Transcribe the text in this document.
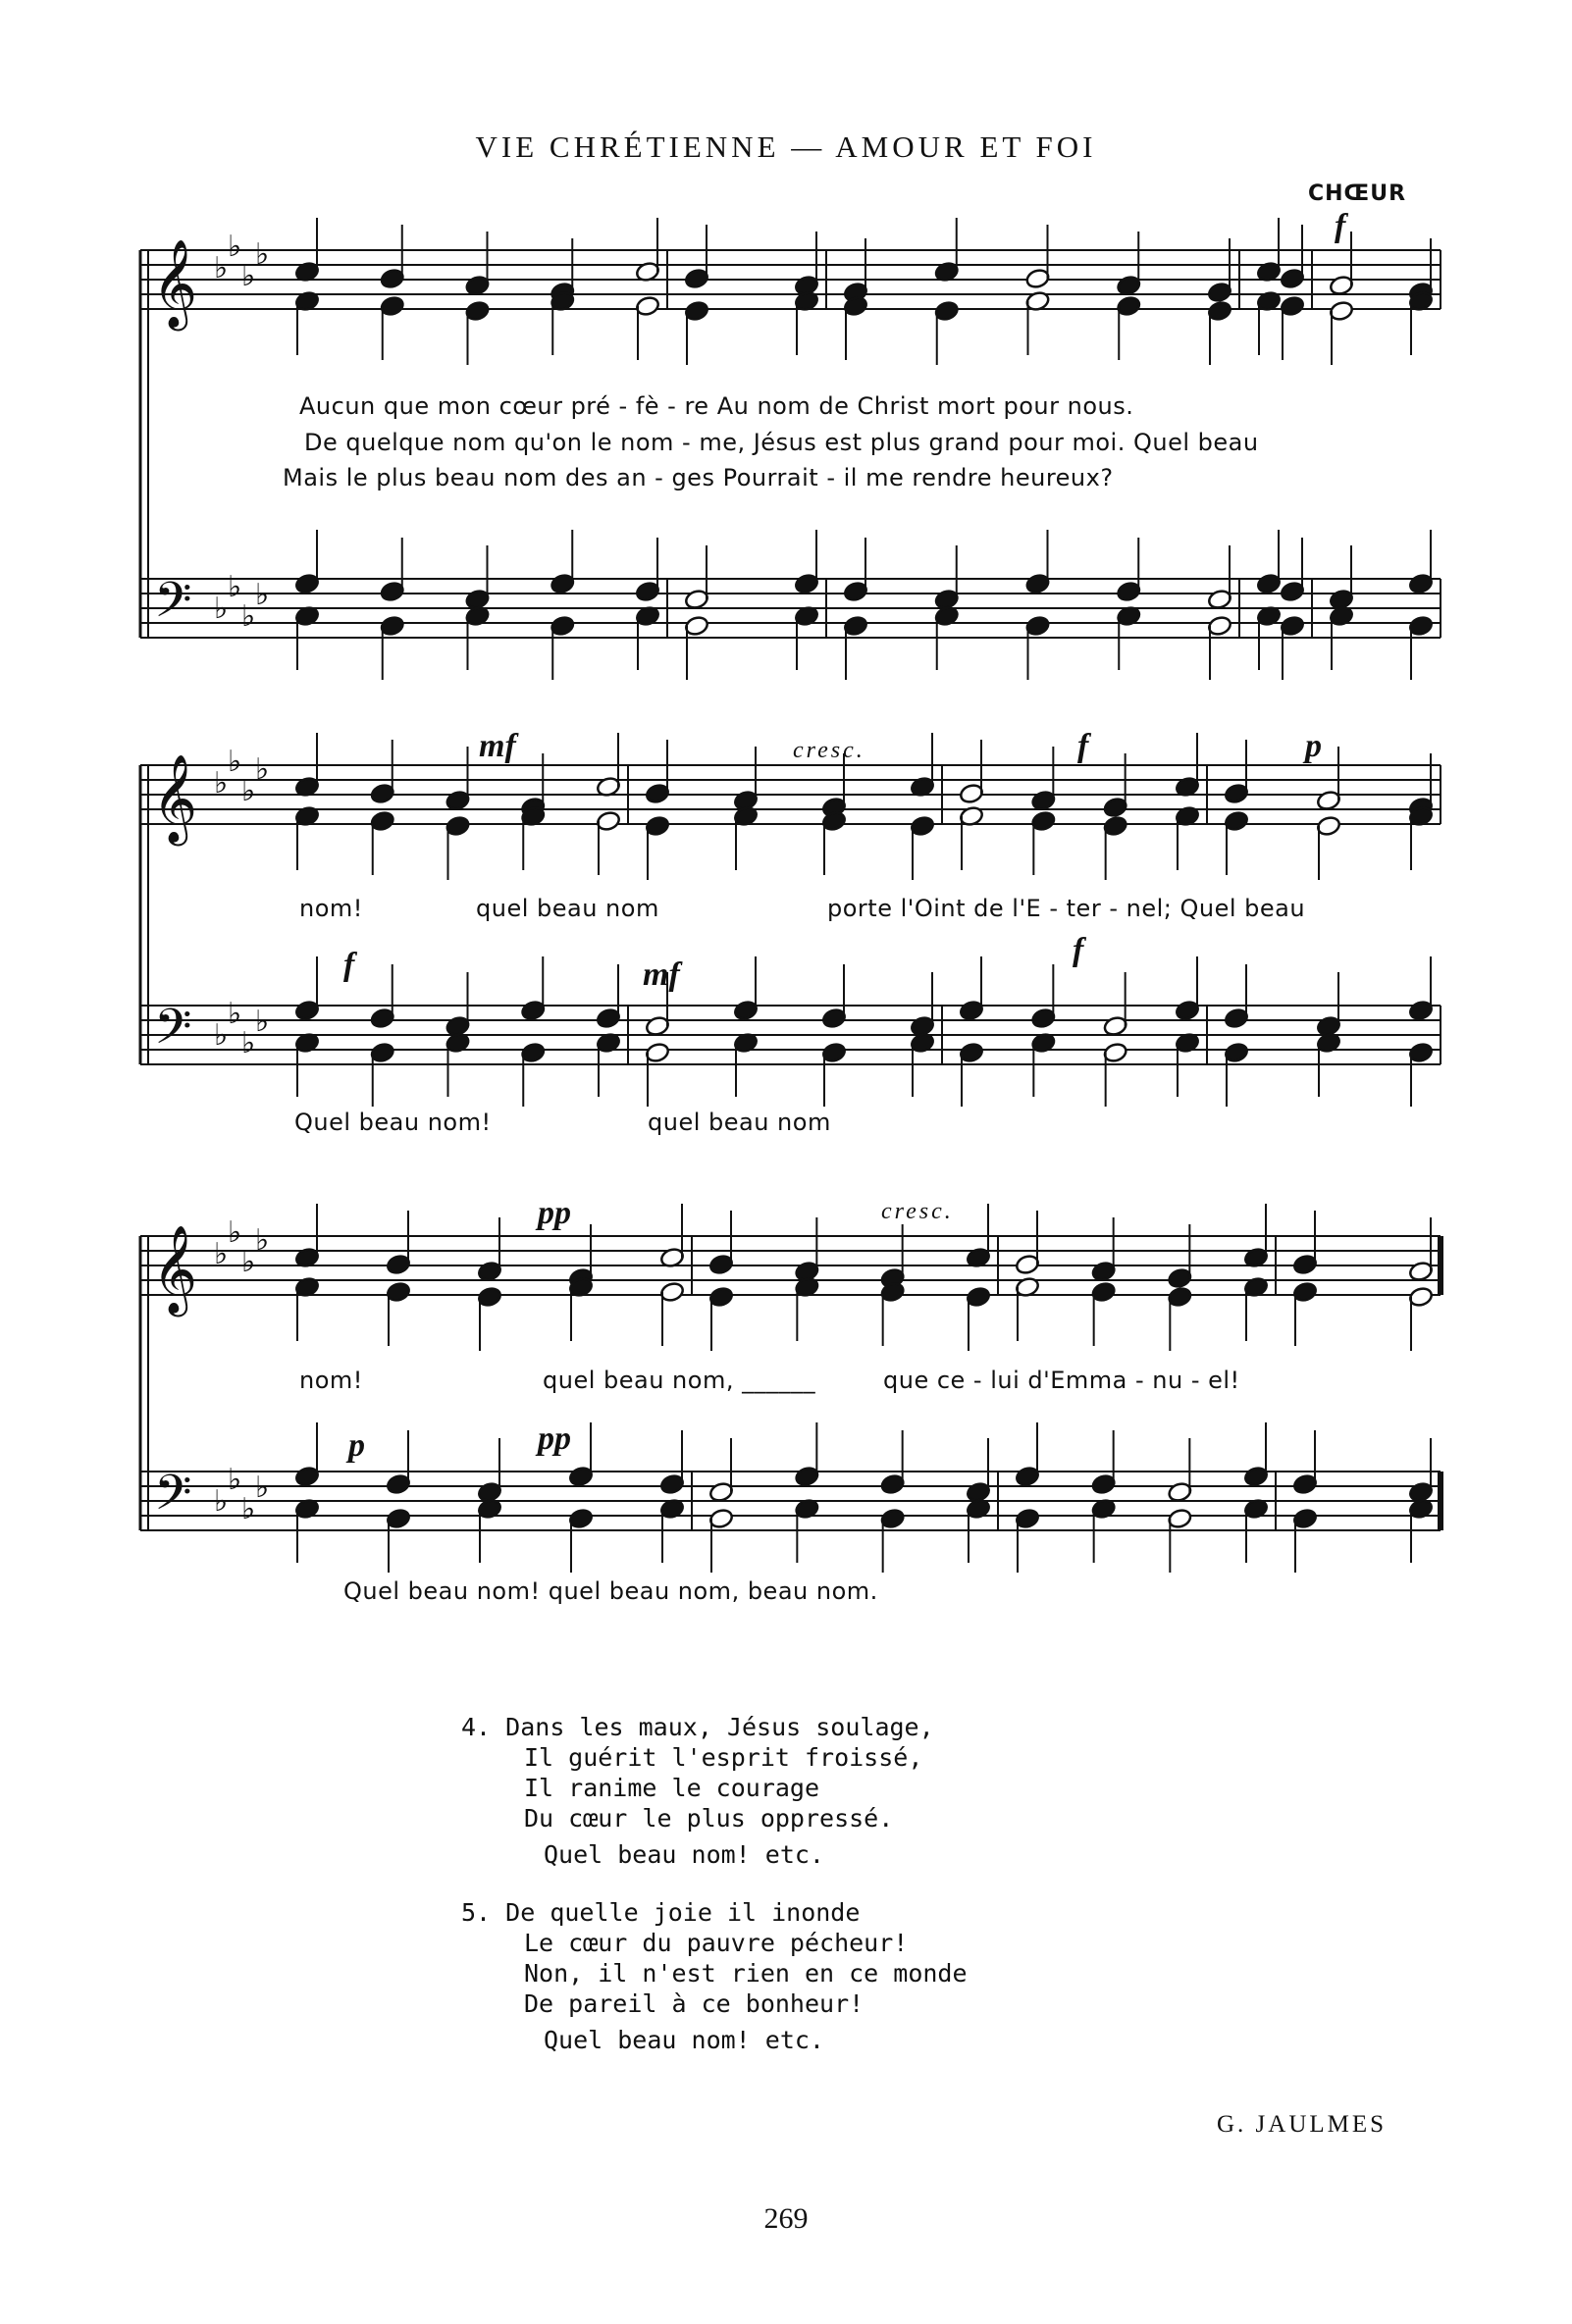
VIE CHRÉTIENNE — AMOUR ET FOI
𝄞
𝄢
♭
♭
♭
♭
♭
♭
♭
♭
𝄞
𝄢
♭
♭
♭
♭
♭
♭
♭
♭
𝄞
𝄢
♭
♭
♭
♭
♭
♭
♭
♭
CHŒUR
f
Aucun que mon cœur pré - fè - re Au nom de Christ mort pour nous.
De quelque nom qu'on le nom - me, Jésus est plus grand pour moi. Quel beau
Mais le plus beau nom des an - ges Pourrait - il me rendre heureux?
mf	cresc.	f	p
f	mf
f
nom!	quel beau nom	porte l'Oint de l'E - ter - nel; Quel beau
Quel beau nom!	quel beau nom
pp	cresc.
p	pp
nom!	quel beau nom, ______	que ce - lui d'Emma - nu - el!
Quel beau nom! quel beau nom, beau nom.
4. Dans les maux, Jésus soulage,
Il guérit l'esprit froissé,
Il ranime le courage
Du cœur le plus oppressé.
Quel beau nom! etc.
5. De quelle joie il inonde
Le cœur du pauvre pécheur!
Non, il n'est rien en ce monde
De pareil à ce bonheur!
Quel beau nom! etc.
G. JAULMES
269
